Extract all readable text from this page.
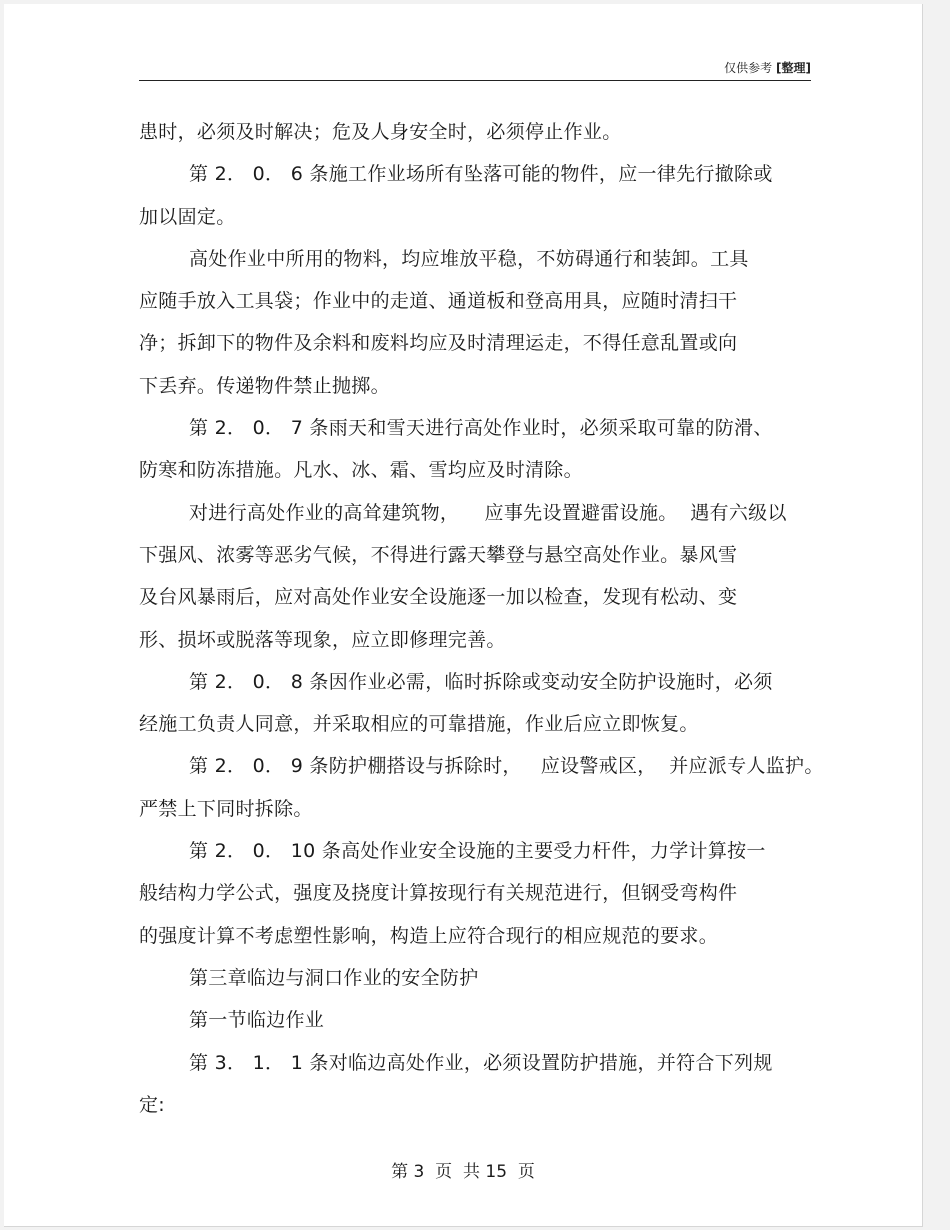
仅供参考 [整理]
患时，必须及时解决；危及人身安全时，必须停止作业。
第 2． 0． 6 条施工作业场所有坠落可能的物件，应一律先行撤除或
加以固定。
高处作业中所用的物料，均应堆放平稳，不妨碍通行和装卸。工具
应随手放入工具袋；作业中的走道、通道板和登高用具，应随时清扫干
净；拆卸下的物件及余料和废料均应及时清理运走，不得任意乱置或向
下丢弃。传递物件禁止抛掷。
第 2． 0． 7 条雨天和雪天进行高处作业时，必须采取可靠的防滑、
防寒和防冻措施。凡水、冰、霜、雪均应及时清除。
对进行高处作业的高耸建筑物，    应事先设置避雷设施。  遇有六级以
下强风、浓雾等恶劣气候，不得进行露天攀登与悬空高处作业。暴风雪
及台风暴雨后，应对高处作业安全设施逐一加以检查，发现有松动、变
形、损坏或脱落等现象，应立即修理完善。
第 2． 0． 8 条因作业必需，临时拆除或变动安全防护设施时，必须
经施工负责人同意，并采取相应的可靠措施，作业后应立即恢复。
第 2． 0． 9 条防护棚搭设与拆除时，   应设警戒区，  并应派专人监护。
严禁上下同时拆除。
第 2． 0． 10 条高处作业安全设施的主要受力杆件，力学计算按一
般结构力学公式，强度及挠度计算按现行有关规范进行，但钢受弯构件
的强度计算不考虑塑性影响，构造上应符合现行的相应规范的要求。
第三章临边与洞口作业的安全防护
第一节临边作业
第 3． 1． 1 条对临边高处作业，必须设置防护措施，并符合下列规
定:
第 3  页  共 15  页
